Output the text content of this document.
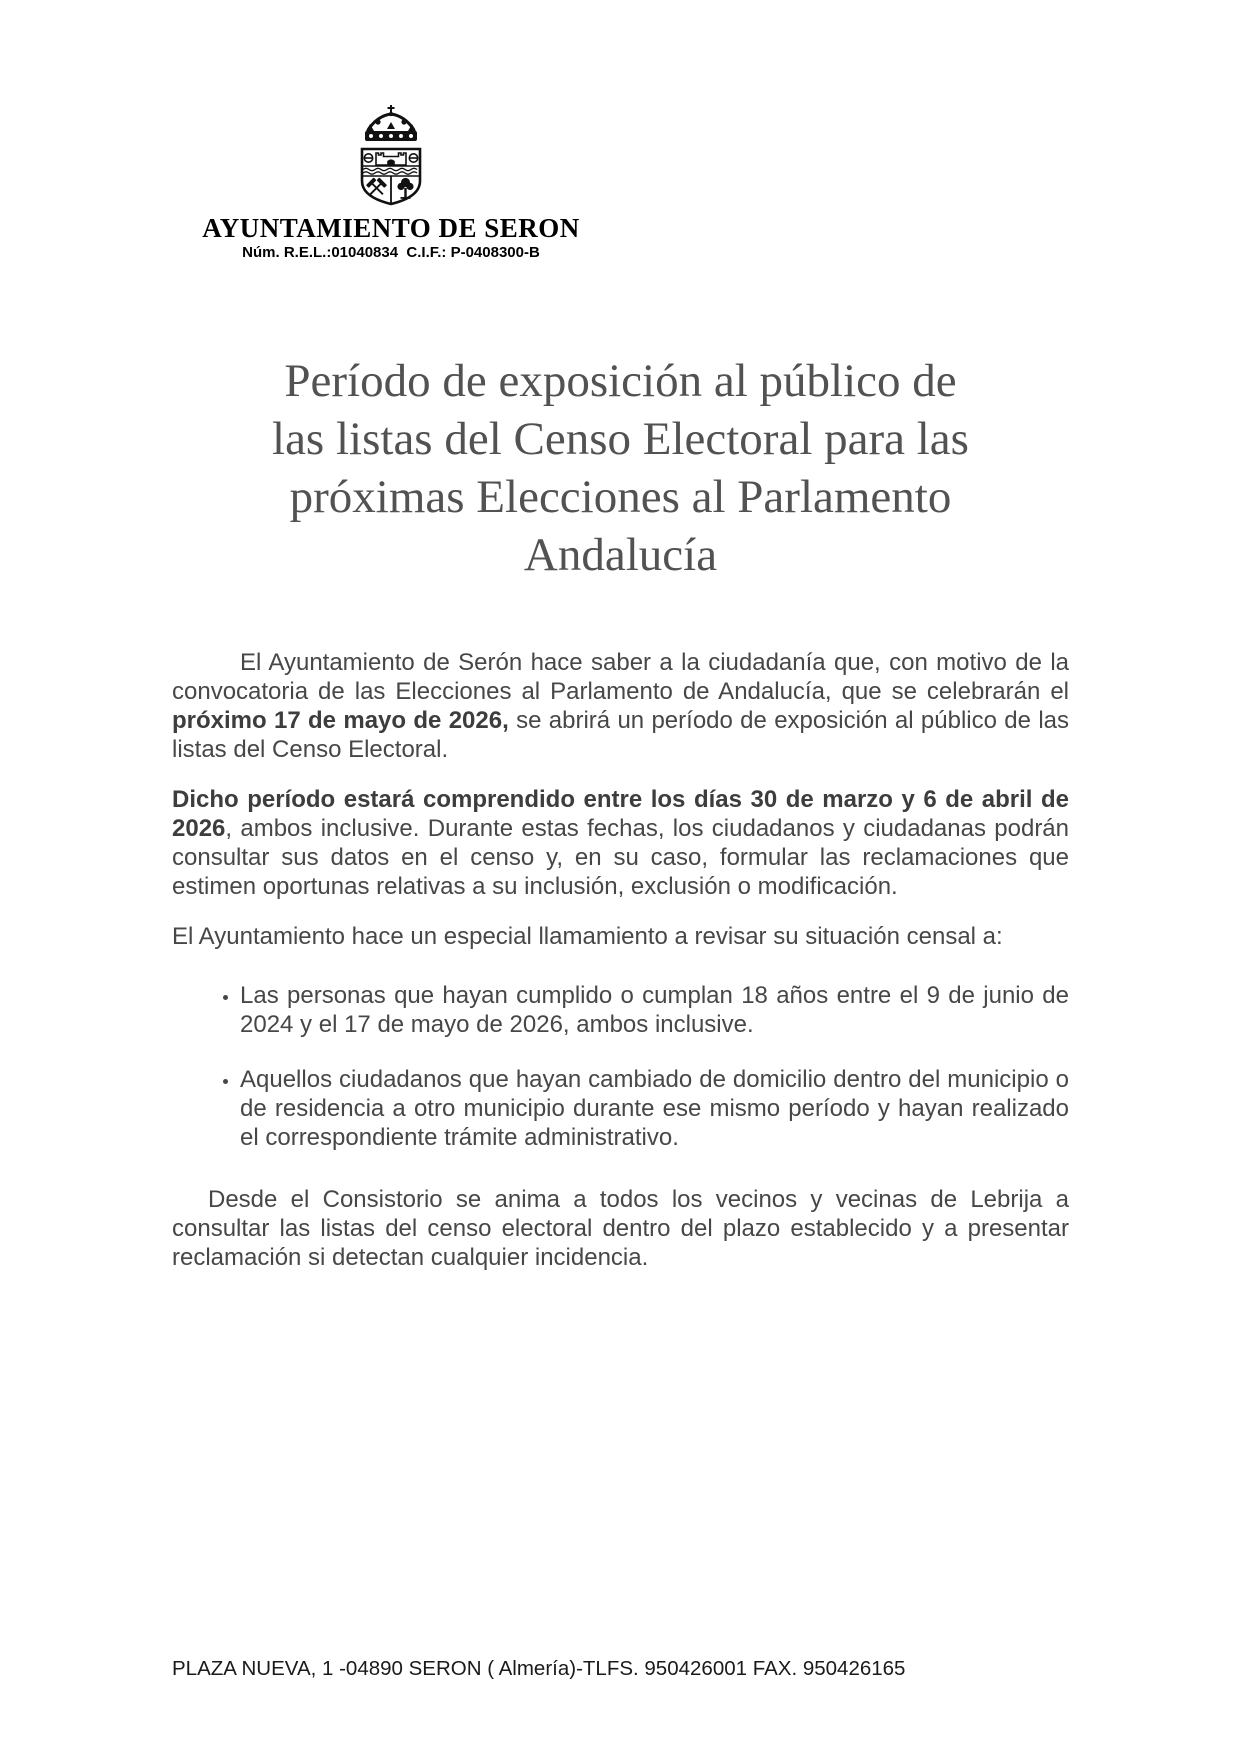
AYUNTAMIENTO DE SERON
Núm. R.E.L.:01040834  C.I.F.: P-0408300-B
Período de exposición al público de
las listas del Censo Electoral para las
próximas Elecciones al Parlamento
Andalucía

El Ayuntamiento de Serón hace saber a la ciudadanía que, con motivo de la convocatoria de las Elecciones al Parlamento de Andalucía, que se celebrarán el próximo 17 de mayo de 2026, se abrirá un período de exposición al público de las listas del Censo Electoral.

Dicho período estará comprendido entre los días 30 de marzo y 6 de abril de 2026, ambos inclusive. Durante estas fechas, los ciudadanos y ciudadanas podrán consultar sus datos en el censo y, en su caso, formular las reclamaciones que estimen oportunas relativas a su inclusión, exclusión o modificación.

El Ayuntamiento hace un especial llamamiento a revisar su situación censal a:

• Las personas que hayan cumplido o cumplan 18 años entre el 9 de junio de 2024 y el 17 de mayo de 2026, ambos inclusive.
• Aquellos ciudadanos que hayan cambiado de domicilio dentro del municipio o de residencia a otro municipio durante ese mismo período y hayan realizado el correspondiente trámite administrativo.

Desde el Consistorio se anima a todos los vecinos y vecinas de Lebrija a consultar las listas del censo electoral dentro del plazo establecido y a presentar reclamación si detectan cualquier incidencia.

PLAZA NUEVA, 1 -04890 SERON ( Almería)-TLFS. 950426001 FAX. 950426165
